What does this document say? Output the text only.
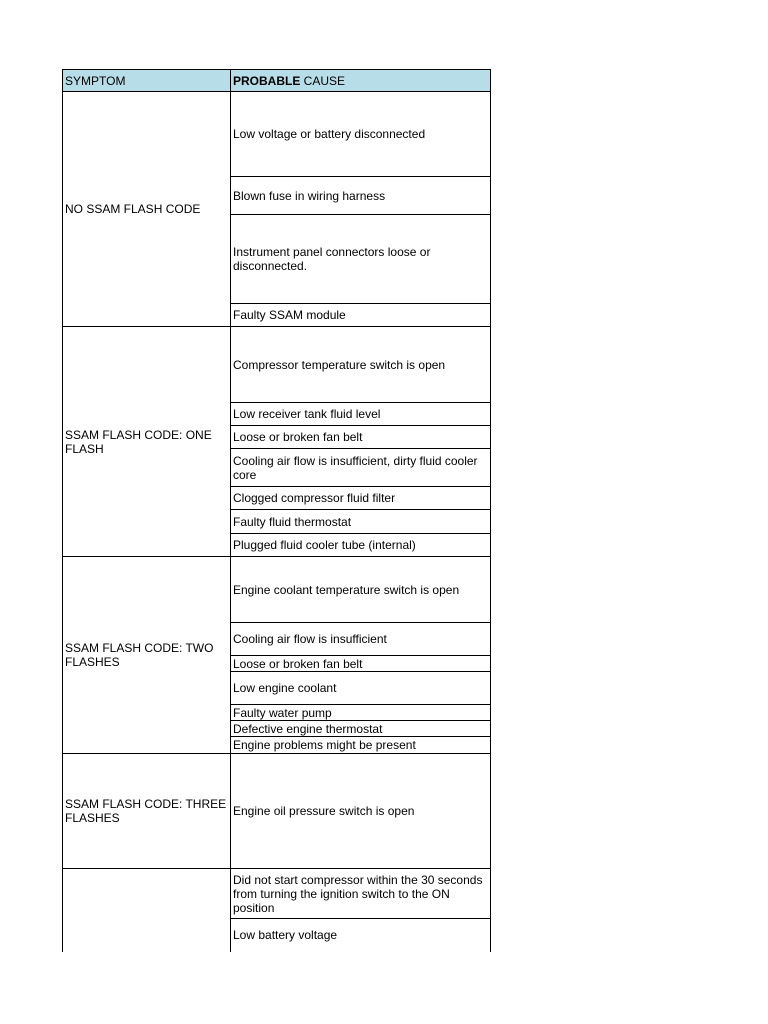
SYMPTOM	PROBABLE CAUSE
NO SSAM FLASH CODE	Low voltage or battery disconnected
	Blown fuse in wiring harness
	Instrument panel connectors loose or disconnected.
	Faulty SSAM module
SSAM FLASH CODE: ONE FLASH	Compressor temperature switch is open
	Low receiver tank fluid level
	Loose or broken fan belt
	Cooling air flow is insufficient, dirty fluid cooler core
	Clogged compressor fluid filter
	Faulty fluid thermostat
	Plugged fluid cooler tube (internal)
SSAM FLASH CODE: TWO FLASHES	Engine coolant temperature switch is open
	Cooling air flow is insufficient
	Loose or broken fan belt
	Low engine coolant
	Faulty water pump
	Defective engine thermostat
	Engine problems might be present
SSAM FLASH CODE: THREE FLASHES	Engine oil pressure switch is open
	Did not start compressor within the 30 seconds from turning the ignition switch to the ON position
	Low battery voltage
